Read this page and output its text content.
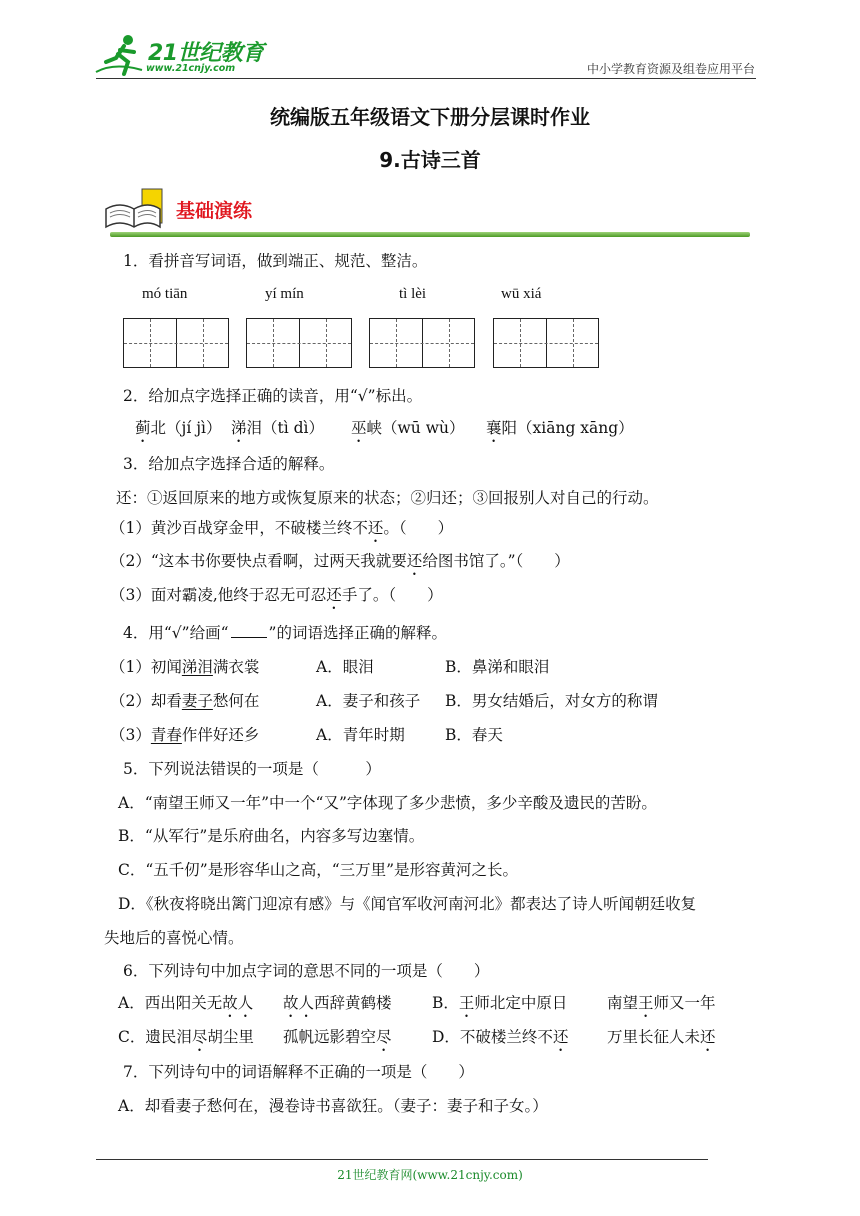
21世纪教育
www.21cnjy.com	中小学教育资源及组卷应用平台
统编版五年级语文下册分层课时作业
9.古诗三首
基础演练
1．看拼音写词语，做到端正、规范、整洁。
mó tiān	yí mín	tì lèi	wū xiá
2．给加点字选择正确的读音，用“√”标出。
蓟北（jí jì） 涕泪（tì dì） 巫峡（wū wù） 襄阳（xiāng xāng）
3．给加点字选择合适的解释。
还：①返回原来的地方或恢复原来的状态；②归还；③回报别人对自己的行动。
（1）黄沙百战穿金甲，不破楼兰终不还。（　　）
（2）“这本书你要快点看啊，过两天我就要还给图书馆了。”（　　）
（3）面对霸凌,他终于忍无可忍还手了。（　　）
4．用“√”给画“	”的词语选择正确的解释。
（1）初闻涕泪满衣裳	A．眼泪	B．鼻涕和眼泪
（2）却看妻子愁何在	A．妻子和孩子 B．男女结婚后，对女方的称谓
（3）青春作伴好还乡	A．青年时期	B．春天
5．下列说法错误的一项是（　　　）
A．“南望王师又一年”中一个“又”字体现了多少悲愤，多少辛酸及遗民的苦盼。
B．“从军行”是乐府曲名，内容多写边塞情。
C．“五千仞”是形容华山之高，“三万里”是形容黄河之长。
D．《秋夜将晓出篱门迎凉有感》与《闻官军收河南河北》都表达了诗人听闻朝廷收复
失地后的喜悦心情。
6．下列诗句中加点字词的意思不同的一项是（　　）
A．西出阳关无故人 故人西辞黄鹤楼	B．王师北定中原日	南望王师又一年
C．遗民泪尽胡尘里 孤帆远影碧空尽	D．不破楼兰终不还 万里长征人未还
7．下列诗句中的词语解释不正确的一项是（　　）
A．却看妻子愁何在，漫卷诗书喜欲狂。（妻子：妻子和子女。）
21世纪教育网(www.21cnjy.com)
